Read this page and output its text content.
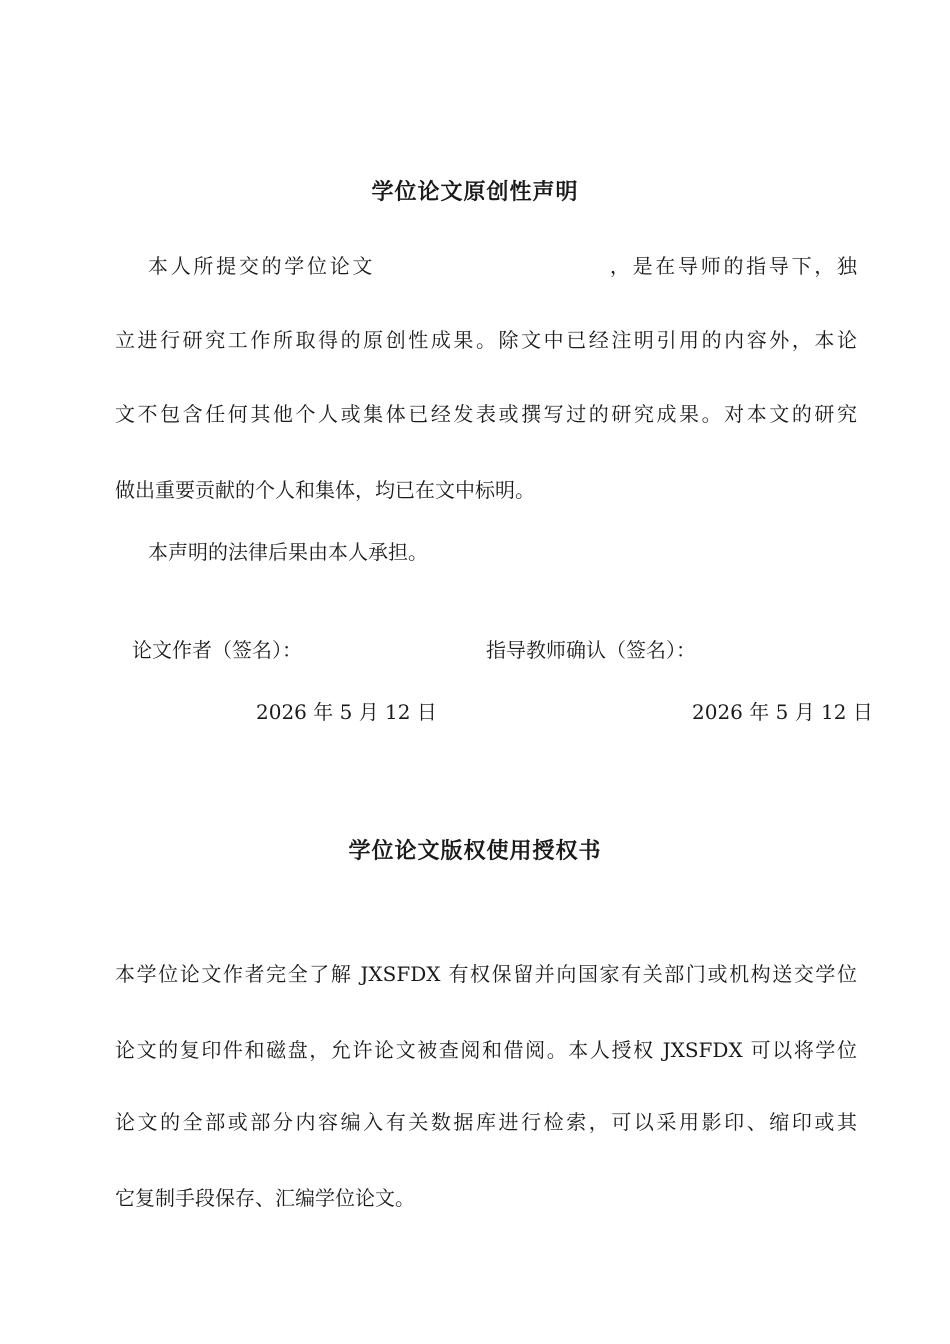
学位论文原创性声明

本人所提交的学位论文	，是在导师的指导下，独

立进行研究工作所取得的原创性成果。除文中已经注明引用的内容外，本论

文不包含任何其他个人或集体已经发表或撰写过的研究成果。对本文的研究

做出重要贡献的个人和集体，均已在文中标明。

本声明的法律后果由本人承担。

论文作者（签名）：	指导教师确认（签名）：

2026 年 5 月 12 日	2026 年 5 月 12 日

学位论文版权使用授权书

本学位论文作者完全了解 JXSFDX 有权保留并向国家有关部门或机构送交学位

论文的复印件和磁盘，允许论文被查阅和借阅。本人授权 JXSFDX 可以将学位

论文的全部或部分内容编入有关数据库进行检索，可以采用影印、缩印或其

它复制手段保存、汇编学位论文。
